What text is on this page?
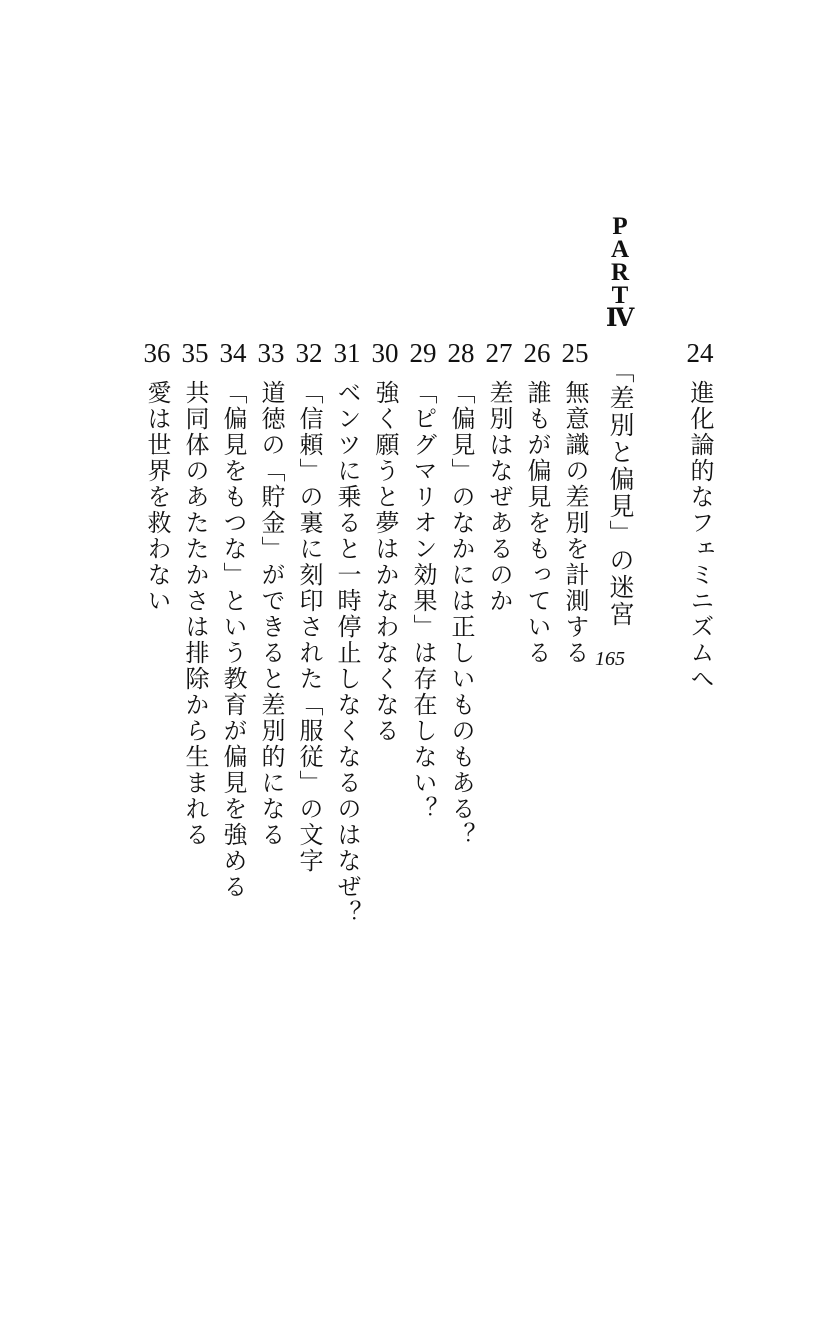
24
進化論的なフェミニズムへ
P
A
R
T
Ⅳ
「差別と偏見」の迷宮
165
25
無意識の差別を計測する
26
誰もが偏見をもっている
27
差別はなぜあるのか
28
「偏見」のなかには正しいものもある？
29
「ピグマリオン効果」は存在しない？
30
強く願うと夢はかなわなくなる
31
ベンツに乗ると一時停止しなくなるのはなぜ？
32
「信頼」の裏に刻印された「服従」の文字
33
道徳の「貯金」ができると差別的になる
34
「偏見をもつな」という教育が偏見を強める
35
共同体のあたたかさは排除から生まれる
36
愛は世界を救わない
